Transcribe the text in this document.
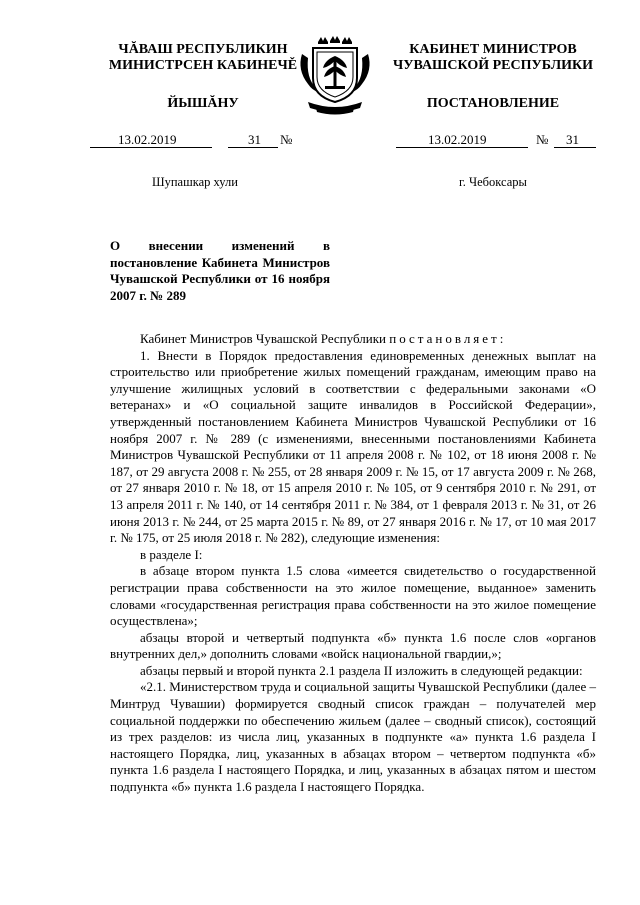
ЧĂВАШ РЕСПУБЛИКИН
МИНИСТРСЕН КАБИНЕЧĚ
ЙЫШĂНУ
КАБИНЕТ МИНИСТРОВ
ЧУВАШСКОЙ РЕСПУБЛИКИ
ПОСТАНОВЛЕНИЕ
13.02.2019	31 №	13.02.2019	№ 31
Шупашкар хули	г. Чебоксары
О внесении изменений в постановление Кабинета Министров Чувашской Республики от 16 ноября 2007 г. № 289

Кабинет Министров Чувашской Республики постановляет:

1. Внести в Порядок предоставления единовременных денежных выплат на строительство или приобретение жилых помещений гражданам, имеющим право на улучшение жилищных условий в соответствии с федеральными законами «О ветеранах» и «О социальной защите инвалидов в Российской Федерации», утвержденный постановлением Кабинета Министров Чувашской Республики от 16 ноября 2007 г. № 289 (с изменениями, внесенными постановлениями Кабинета Министров Чувашской Республики от 11 апреля 2008 г. № 102, от 18 июня 2008 г. № 187, от 29 августа 2008 г. № 255, от 28 января 2009 г. № 15, от 17 августа 2009 г. № 268, от 27 января 2010 г. № 18, от 15 апреля 2010 г. № 105, от 9 сентября 2010 г. № 291, от 13 апреля 2011 г. № 140, от 14 сентября 2011 г. № 384, от 1 февраля 2013 г. № 31, от 26 июня 2013 г. № 244, от 25 марта 2015 г. № 89, от 27 января 2016 г. № 17, от 10 мая 2017 г. № 175, от 25 июля 2018 г. № 282), следующие изменения:

в разделе I:

в абзаце втором пункта 1.5 слова «имеется свидетельство о государственной регистрации права собственности на это жилое помещение, выданное» заменить словами «государственная регистрация права собственности на это жилое помещение осуществлена»;

абзацы второй и четвертый подпункта «б» пункта 1.6 после слов «органов внутренних дел,» дополнить словами «войск национальной гвардии,»;

абзацы первый и второй пункта 2.1 раздела II изложить в следующей редакции:

«2.1. Министерством труда и социальной защиты Чувашской Республики (далее – Минтруд Чувашии) формируется сводный список граждан – получателей мер социальной поддержки по обеспечению жильем (далее – сводный список), состоящий из трех разделов: из числа лиц, указанных в подпункте «а» пункта 1.6 раздела I настоящего Порядка, лиц, указанных в абзацах втором – четвертом подпункта «б» пункта 1.6 раздела I настоящего Порядка, и лиц, указанных в абзацах пятом и шестом подпункта «б» пункта 1.6 раздела I настоящего Порядка.
